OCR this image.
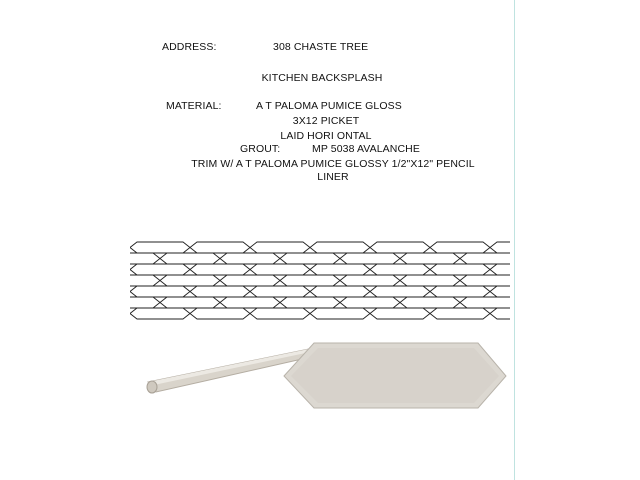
ADDRESS:	308 CHASTE TREE
KITCHEN BACKSPLASH
MATERIAL:	A T PALOMA PUMICE GLOSS
3X12 PICKET
LAID HORI ONTAL
GROUT:	MP 5038 AVALANCHE
TRIM W/ A T PALOMA PUMICE GLOSSY 1/2"X12" PENCIL
LINER
